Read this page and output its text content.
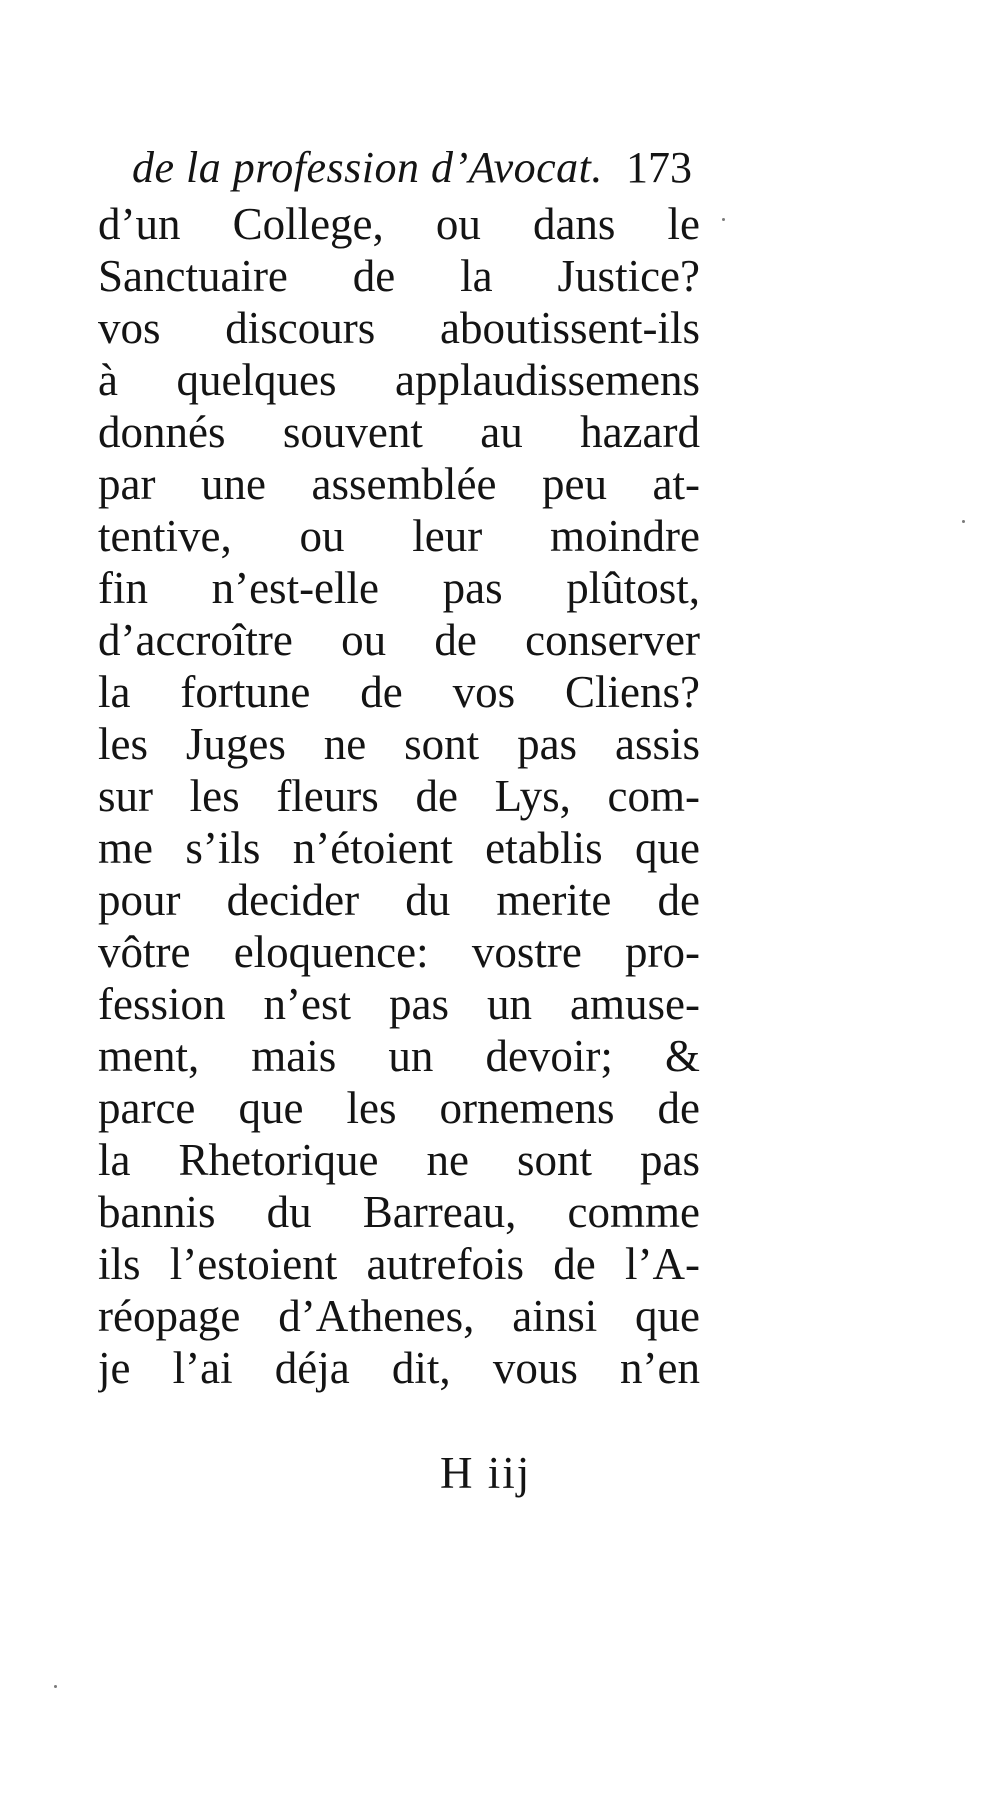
de la profession d’Avocat. 173
d’un College, ou dans le
Sanctuaire de la Justice?
vos discours aboutissent-ils
à quelques applaudissemens
donnés souvent au hazard
par une assemblée peu at-
tentive, ou leur moindre
fin n’est-elle pas plûtost,
d’accroître ou de conserver
la fortune de vos Cliens?
les Juges ne sont pas assis
sur les fleurs de Lys, com-
me s’ils n’étoient etablis que
pour decider du merite de
vôtre eloquence: vostre pro-
fession n’est pas un amuse-
ment, mais un devoir; &
parce que les ornemens de
la Rhetorique ne sont pas
bannis du Barreau, comme
ils l’estoient autrefois de l’A-
réopage d’Athenes, ainsi que
je l’ai déja dit, vous n’en
H iij
